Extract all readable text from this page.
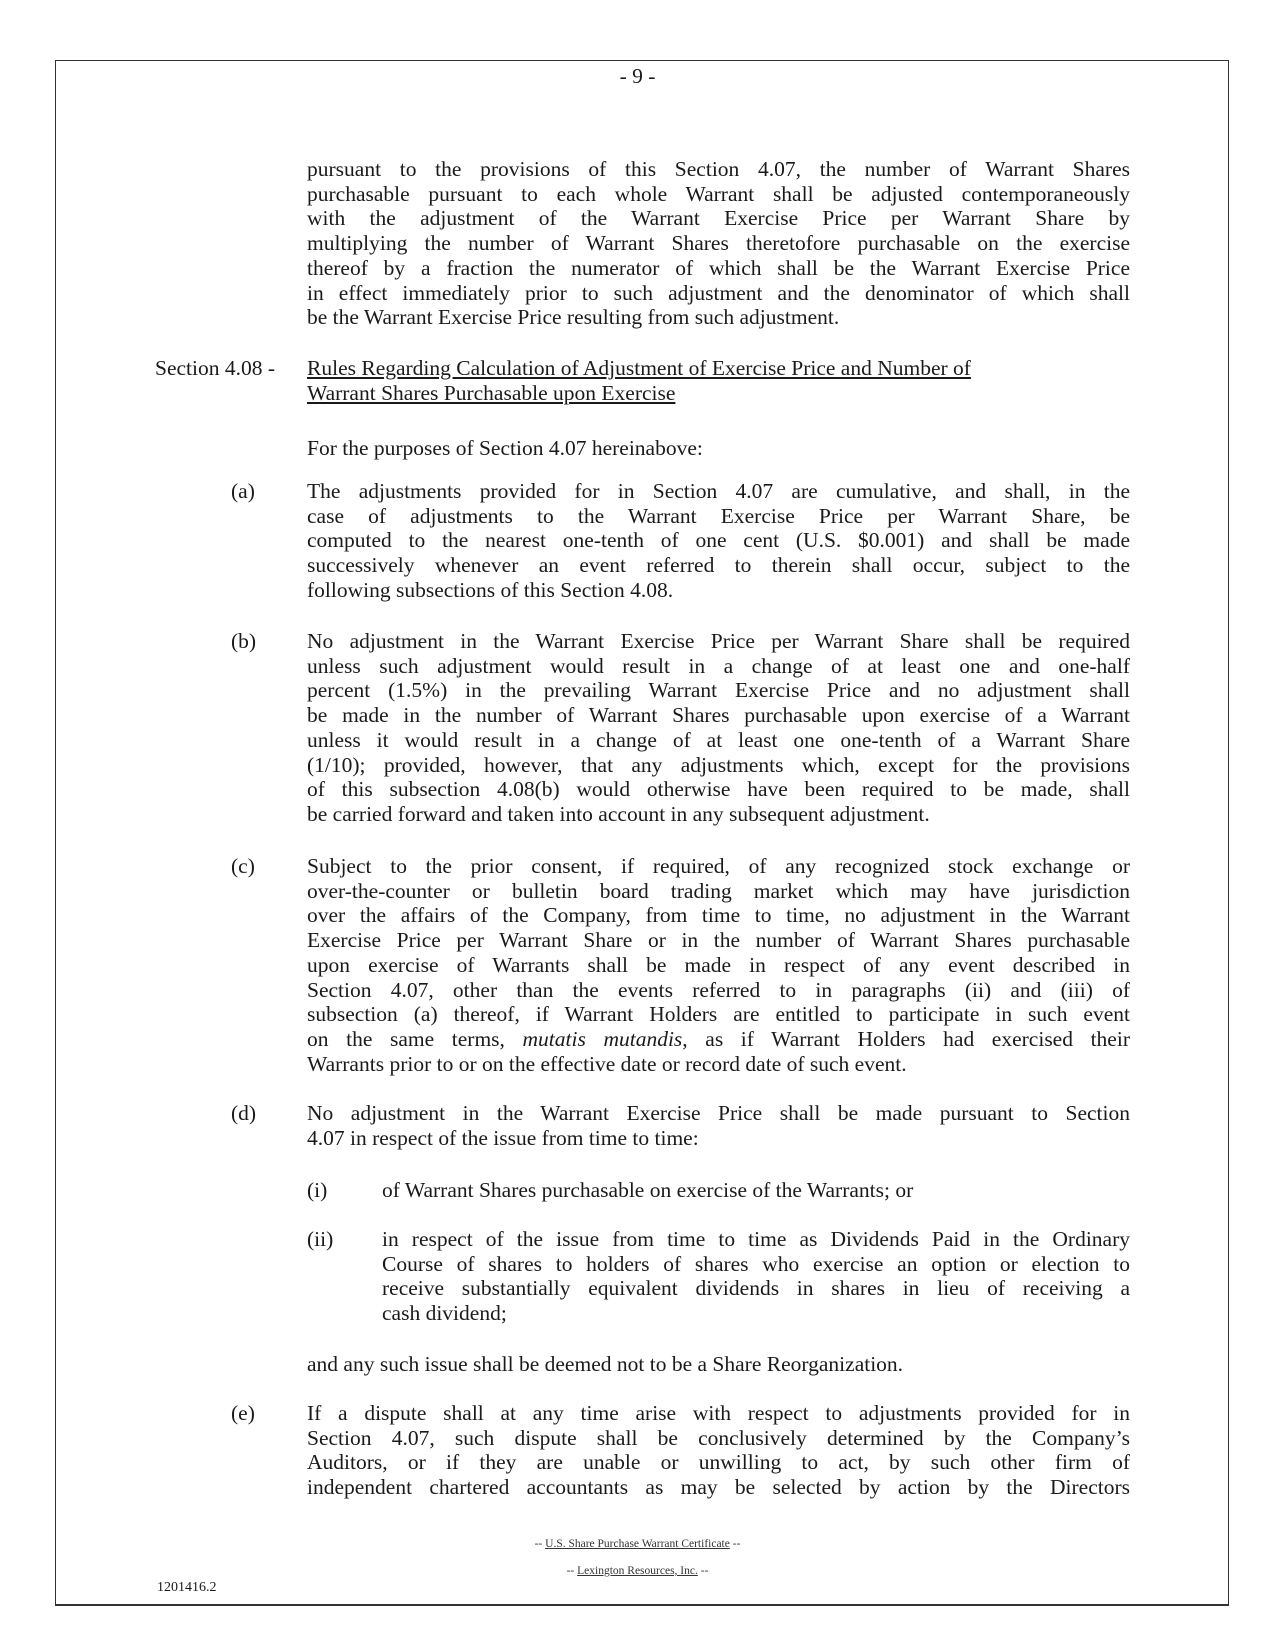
- 9 -
pursuant to the provisions of this Section 4.07, the number of Warrant Shares
purchasable pursuant to each whole Warrant shall be adjusted contemporaneously
with the adjustment of the Warrant Exercise Price per Warrant Share by
multiplying the number of Warrant Shares theretofore purchasable on the exercise
thereof by a fraction the numerator of which shall be the Warrant Exercise Price
in effect immediately prior to such adjustment and the denominator of which shall
be the Warrant Exercise Price resulting from such adjustment.
Section 4.08 - Rules Regarding Calculation of Adjustment of Exercise Price and Number of
Warrant Shares Purchasable upon Exercise
For the purposes of Section 4.07 hereinabove:
(a) The adjustments provided for in Section 4.07 are cumulative, and shall, in the
case of adjustments to the Warrant Exercise Price per Warrant Share, be
computed to the nearest one-tenth of one cent (U.S. $0.001) and shall be made
successively whenever an event referred to therein shall occur, subject to the
following subsections of this Section 4.08.
(b) No adjustment in the Warrant Exercise Price per Warrant Share shall be required
unless such adjustment would result in a change of at least one and one-half
percent (1.5%) in the prevailing Warrant Exercise Price and no adjustment shall
be made in the number of Warrant Shares purchasable upon exercise of a Warrant
unless it would result in a change of at least one one-tenth of a Warrant Share
(1/10); provided, however, that any adjustments which, except for the provisions
of this subsection 4.08(b) would otherwise have been required to be made, shall
be carried forward and taken into account in any subsequent adjustment.
(c) Subject to the prior consent, if required, of any recognized stock exchange or
over-the-counter or bulletin board trading market which may have jurisdiction
over the affairs of the Company, from time to time, no adjustment in the Warrant
Exercise Price per Warrant Share or in the number of Warrant Shares purchasable
upon exercise of Warrants shall be made in respect of any event described in
Section 4.07, other than the events referred to in paragraphs (ii) and (iii) of
subsection (a) thereof, if Warrant Holders are entitled to participate in such event
on the same terms, mutatis mutandis, as if Warrant Holders had exercised their
Warrants prior to or on the effective date or record date of such event.
(d) No adjustment in the Warrant Exercise Price shall be made pursuant to Section
4.07 in respect of the issue from time to time:
(i)	of Warrant Shares purchasable on exercise of the Warrants; or
(ii) in respect of the issue from time to time as Dividends Paid in the Ordinary
Course of shares to holders of shares who exercise an option or election to
receive substantially equivalent dividends in shares in lieu of receiving a
cash dividend;
and any such issue shall be deemed not to be a Share Reorganization.
(e) If a dispute shall at any time arise with respect to adjustments provided for in
Section 4.07, such dispute shall be conclusively determined by the Company’s
Auditors, or if they are unable or unwilling to act, by such other firm of
independent chartered accountants as may be selected by action by the Directors
-- U.S. Share Purchase Warrant Certificate --
-- Lexington Resources, Inc. --
1201416.2
